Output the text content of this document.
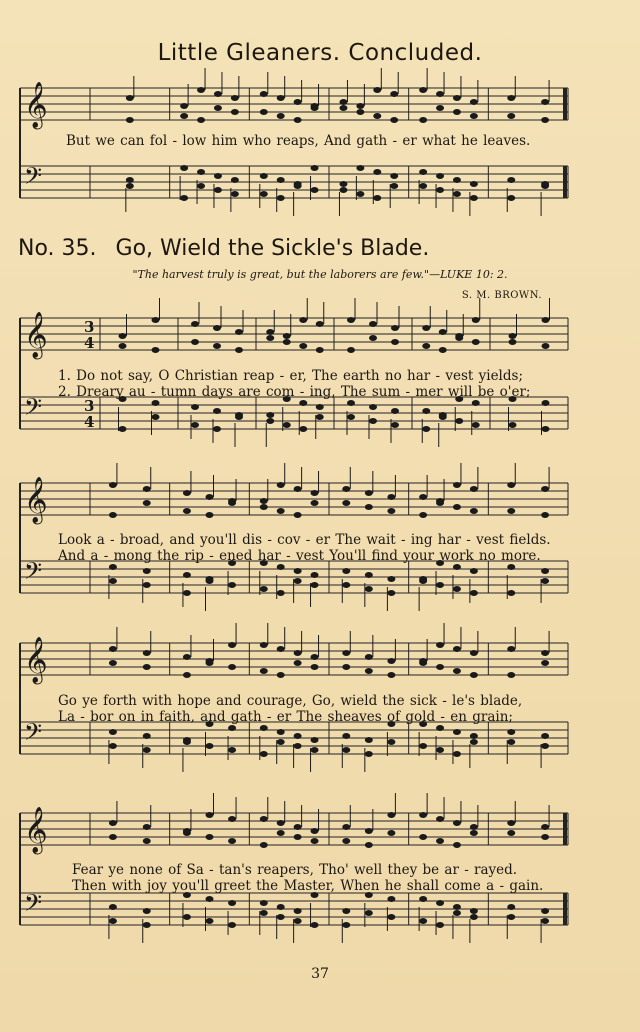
𝄞
𝄢
𝄞
𝄢
3
4
3
4
𝄞
𝄢
𝄞
𝄢
𝄞
𝄢
Little Gleaners. Concluded.
But we can fol - low him who reaps, And gath - er what he leaves.
No. 35. Go, Wield the Sickle's Blade.
"The harvest truly is great, but the laborers are few."—LUKE 10: 2.
S. M. BROWN.
1. Do not say, O Christian reap - er, The earth no har - vest yields;
2. Dreary au - tumn days are com - ing, The sum - mer will be o'er;
Look a - broad, and you'll dis - cov - er The wait - ing har - vest fields.
And a - mong the rip - ened har - vest You'll find your work no more.
Go ye forth with hope and courage, Go, wield the sick - le's blade,
La - bor on in faith, and gath - er The sheaves of gold - en grain;
Fear ye none of Sa - tan's reapers, Tho' well they be ar - rayed.
Then with joy you'll greet the Master, When he shall come a - gain.
37
